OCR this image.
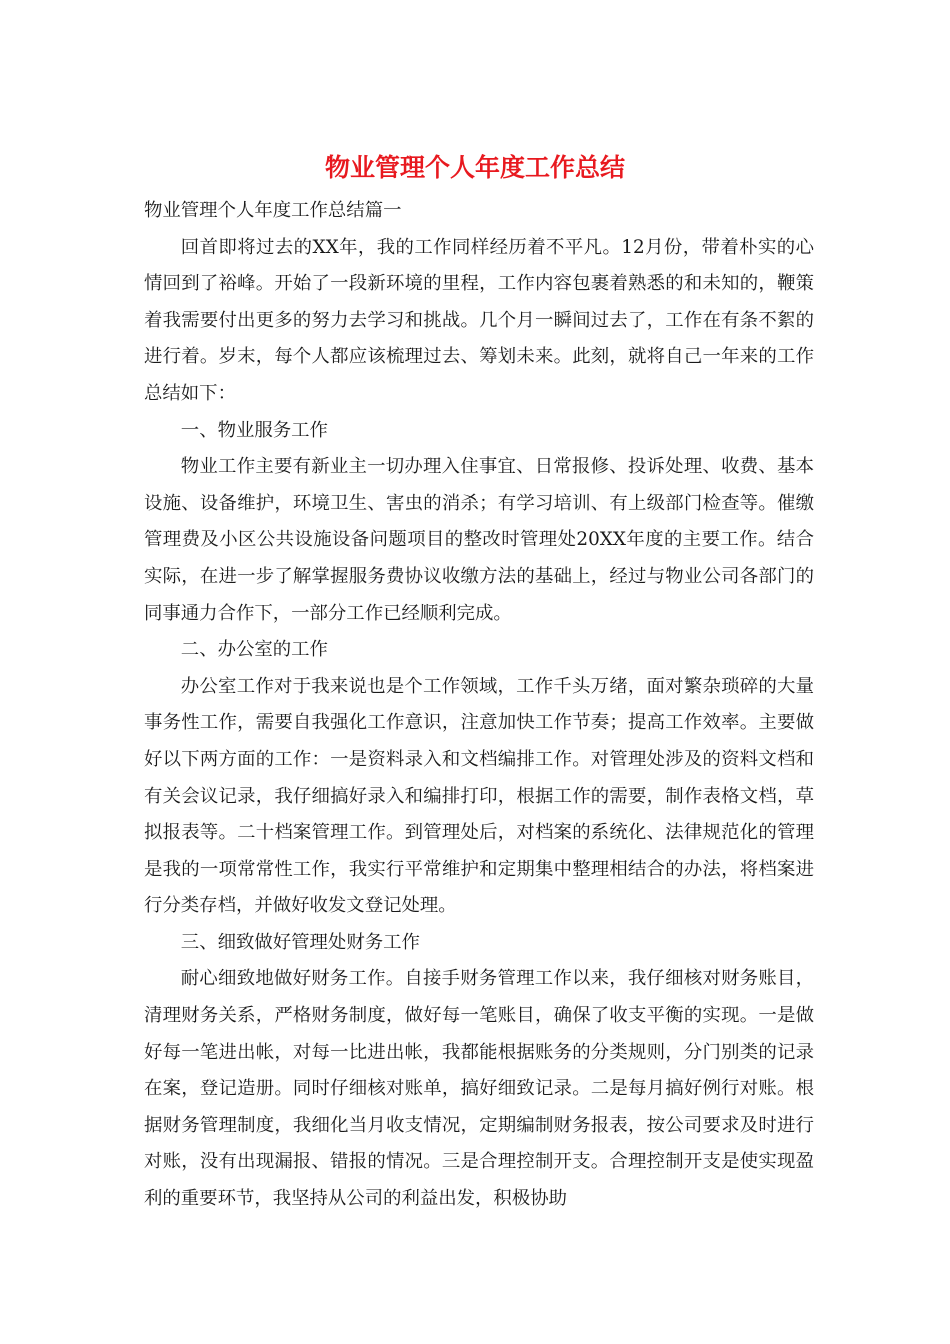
物业管理个人年度工作总结

物业管理个人年度工作总结篇一

回首即将过去的XX年，我的工作同样经历着不平凡。12月份，带着朴实的心情回到了裕峰。开始了一段新环境的里程，工作内容包裹着熟悉的和未知的，鞭策着我需要付出更多的努力去学习和挑战。几个月一瞬间过去了，工作在有条不絮的进行着。岁末，每个人都应该梳理过去、筹划未来。此刻，就将自己一年来的工作总结如下：

一、物业服务工作

物业工作主要有新业主一切办理入住事宜、日常报修、投诉处理、收费、基本设施、设备维护，环境卫生、害虫的消杀；有学习培训、有上级部门检查等。催缴管理费及小区公共设施设备问题项目的整改时管理处20XX年度的主要工作。结合实际，在进一步了解掌握服务费协议收缴方法的基础上，经过与物业公司各部门的同事通力合作下，一部分工作已经顺利完成。

二、办公室的工作

办公室工作对于我来说也是个工作领域，工作千头万绪，面对繁杂琐碎的大量事务性工作，需要自我强化工作意识，注意加快工作节奏；提高工作效率。主要做好以下两方面的工作：一是资料录入和文档编排工作。对管理处涉及的资料文档和有关会议记录，我仔细搞好录入和编排打印，根据工作的需要，制作表格文档，草拟报表等。二十档案管理工作。到管理处后，对档案的系统化、法律规范化的管理是我的一项常常性工作，我实行平常维护和定期集中整理相结合的办法，将档案进行分类存档，并做好收发文登记处理。

三、细致做好管理处财务工作

耐心细致地做好财务工作。自接手财务管理工作以来，我仔细核对财务账目，清理财务关系，严格财务制度，做好每一笔账目，确保了收支平衡的实现。一是做好每一笔进出帐，对每一比进出帐，我都能根据账务的分类规则，分门别类的记录在案，登记造册。同时仔细核对账单，搞好细致记录。二是每月搞好例行对账。根据财务管理制度，我细化当月收支情况，定期编制财务报表，按公司要求及时进行对账，没有出现漏报、错报的情况。三是合理控制开支。合理控制开支是使实现盈利的重要环节，我坚持从公司的利益出发，积极协助
